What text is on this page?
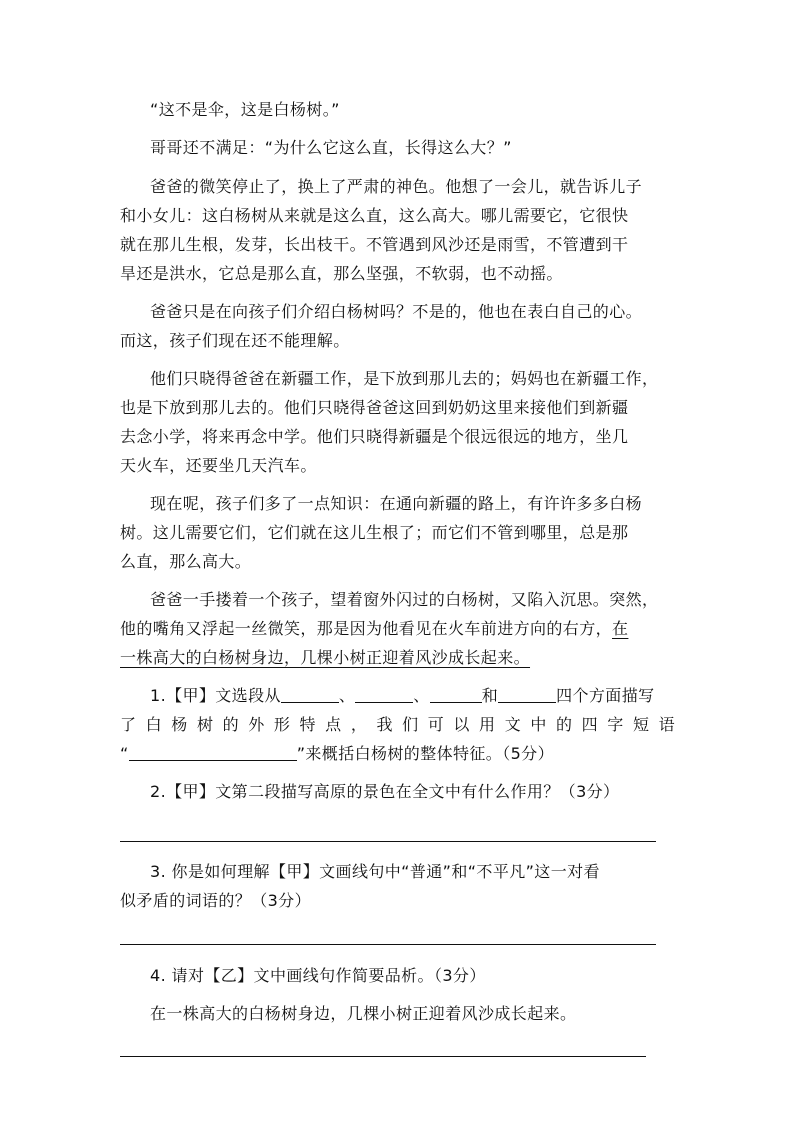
“这不是伞，这是白杨树。”
哥哥还不满足：“为什么它这么直，长得这么大？”
爸爸的微笑停止了，换上了严肃的神色。他想了一会儿，就告诉儿子
和小女儿：这白杨树从来就是这么直，这么高大。哪儿需要它，它很快
就在那儿生根，发芽，长出枝干。不管遇到风沙还是雨雪，不管遭到干
旱还是洪水，它总是那么直，那么坚强，不软弱，也不动摇。
爸爸只是在向孩子们介绍白杨树吗？不是的，他也在表白自己的心。
而这，孩子们现在还不能理解。
他们只晓得爸爸在新疆工作，是下放到那儿去的；妈妈也在新疆工作，
也是下放到那儿去的。他们只晓得爸爸这回到奶奶这里来接他们到新疆
去念小学，将来再念中学。他们只晓得新疆是个很远很远的地方，坐几
天火车，还要坐几天汽车。
现在呢，孩子们多了一点知识：在通向新疆的路上，有许许多多白杨
树。这儿需要它们，它们就在这儿生根了；而它们不管到哪里，总是那
么直，那么高大。
爸爸一手搂着一个孩子，望着窗外闪过的白杨树，又陷入沉思。突然，
他的嘴角又浮起一丝微笑，那是因为他看见在火车前进方向的右方，在
一株高大的白杨树身边，几棵小树正迎着风沙成长起来。
1.【甲】文选段从	、	、	和	四个方面描写
了白杨树的外形特点，我们可以用文中的四字短语
“	”来概括白杨树的整体特征。（5分）
2.【甲】文第二段描写高原的景色在全文中有什么作用？（3分）
3. 你是如何理解【甲】文画线句中“普通”和“不平凡”这一对看
似矛盾的词语的？（3分）
4. 请对【乙】文中画线句作简要品析。（3分）
在一株高大的白杨树身边，几棵小树正迎着风沙成长起来。
